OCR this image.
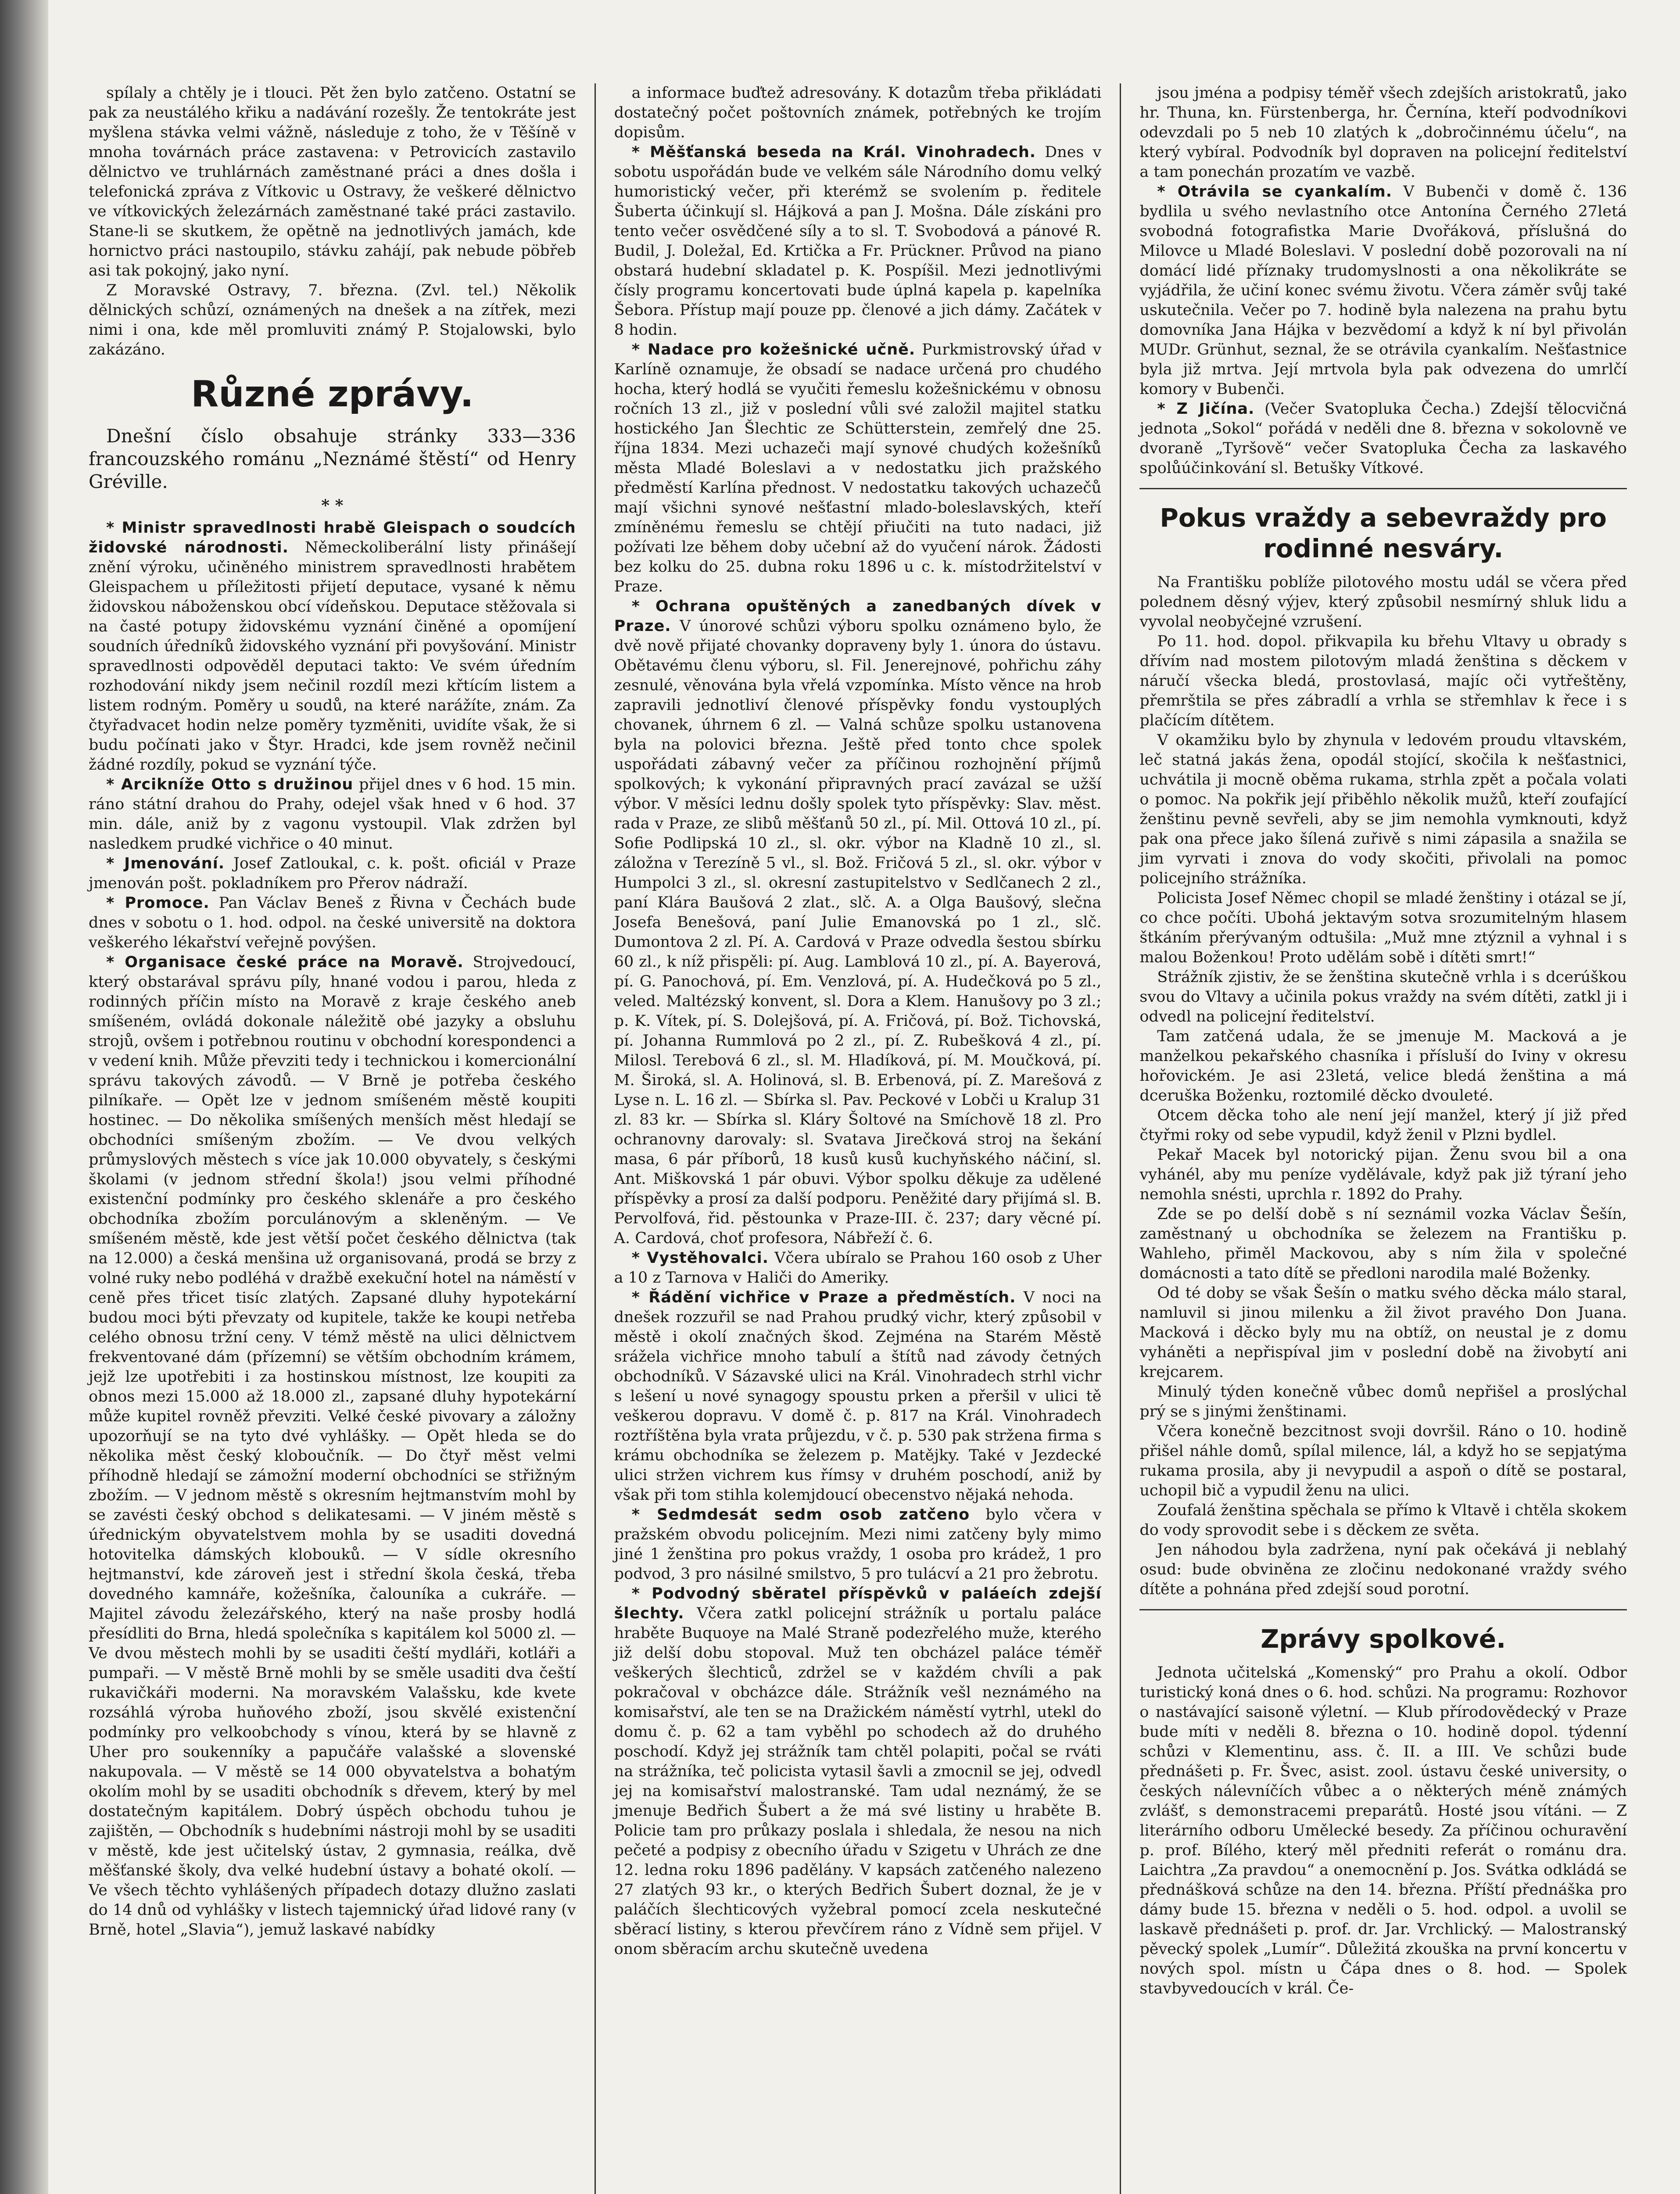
spílaly a chtěly je i tlouci. Pět žen bylo zatčeno. Ostatní se pak za neustálého křiku a nadávání rozešly. Že tentokráte jest myšlena stávka velmi vážně, následuje z toho, že v Těšíně v mnoha továrnách práce zastavena: v Petrovicích zastavilo dělnictvo ve truhlárnách zaměstnané práci a dnes došla i telefonická zpráva z Vítkovic u Ostravy, že veškeré dělnictvo ve vítkovických železárnách zaměstnané také práci zastavilo. Stane-li se skutkem, že opětně na jednotlivých jamách, kde hornictvo práci nastoupilo, stávku zahájí, pak nebude pöbřeb asi tak pokojný, jako nyní.

Z Moravské Ostravy, 7. března. (Zvl. tel.) Několik dělnických schůzí, oznámených na dnešek a na zítřek, mezi nimi i ona, kde měl promluviti známý P. Stojalowski, bylo zakázáno.

Různé zprávy.

Dnešní číslo obsahuje stránky 333—336 francouzského románu „Neznámé štěstí“ od Henry Gréville.

* *

* Ministr spravedlnosti hrabě Gleispach o soudcích židovské národnosti. Německoliberální listy přinášejí znění výroku, učiněného ministrem spravedlnosti hrabětem Gleispachem u příležitosti přijetí deputace, vysané k němu židovskou náboženskou obcí vídeňskou. Deputace stěžovala si na časté potupy židovskému vyznání činěné a opomíjení soudních úředníků židovského vyznání při povyšování. Ministr spravedlnosti odpověděl deputaci takto: Ve svém úředním rozhodování nikdy jsem nečinil rozdíl mezi křtícím listem a listem rodným. Poměry u soudů, na které narážíte, znám. Za čtyřadvacet hodin nelze poměry tyzměniti, uvidíte však, že si budu počínati jako v Štyr. Hradci, kde jsem rovněž nečinil žádné rozdíly, pokud se vyznání týče.

* Arcikníže Otto s družinou přijel dnes v 6 hod. 15 min. ráno státní drahou do Prahy, odejel však hned v 6 hod. 37 min. dále, aniž by z vagonu vystoupil. Vlak zdržen byl nasledkem prudké vichřice o 40 minut.

* Jmenování. Josef Zatloukal, c. k. pošt. oficiál v Praze jmenován pošt. pokladníkem pro Přerov nádraží.

* Promoce. Pan Václav Beneš z Řivna v Čechách bude dnes v sobotu o 1. hod. odpol. na české universitě na doktora veškerého lékařství veřejně povýšen.

* Organisace české práce na Moravě. Strojvedoucí, který obstarával správu píly, hnané vodou i parou, hleda z rodinných příčin místo na Moravě z kraje českého aneb smíšeném, ovládá dokonale náležitě obé jazyky a obsluhu strojů, ovšem i potřebnou routinu v obchodní korespondenci a v vedení knih. Může převziti tedy i technickou i komercionální správu takových závodů. — V Brně je potřeba českého pilníkaře. — Opět lze v jednom smíšeném městě koupiti hostinec. — Do několika smíšených menších měst hledají se obchodníci smíšeným zbožím. — Ve dvou velkých průmyslových městech s více jak 10.000 obyvately, s českými školami (v jednom střední škola!) jsou velmi příhodné existenční podmínky pro českého sklenáře a pro českého obchodníka zbožím porculánovým a skleněným. — Ve smíšeném městě, kde jest větší počet českého dělnictva (tak na 12.000) a česká menšina už organisovaná, prodá se brzy z volné ruky nebo podléhá v dražbě exekuční hotel na náměstí v ceně přes třicet tisíc zlatých. Zapsané dluhy hypotekární budou moci býti převzaty od kupitele, takže ke koupi netřeba celého obnosu tržní ceny. V témž městě na ulici dělnictvem frekventované dám (přízemní) se větším obchodním krámem, jejž lze upotřebiti i za hostinskou místnost, lze koupiti za obnos mezi 15.000 až 18.000 zl., zapsané dluhy hypotekární může kupitel rovněž převziti. Velké české pivovary a záložny upozorňují se na tyto dvé vyhlášky. — Opět hleda se do několika měst český kloboučník. — Do čtyř měst velmi příhodně hledají se zámožní moderní obchodníci se střižným zbožím. — V jednom městě s okresním hejtmanstvím mohl by se zavésti český obchod s delikatesami. — V jiném městě s úřednickým obyvatelstvem mohla by se usaditi dovedná hotovitelka dámských klobouků. — V sídle okresního hejtmanství, kde zároveň jest i střední škola česká, třeba dovedného kamnáře, kožešníka, čalouníka a cukráře. — Majitel závodu železářského, který na naše prosby hodlá přesídliti do Brna, hledá společníka s kapitálem kol 5000 zl. — Ve dvou městech mohli by se usaditi čeští mydláři, kotláři a pumpaři. — V městě Brně mohli by se směle usaditi dva čeští rukavičkáři moderni. Na moravském Valašsku, kde kvete rozsáhlá výroba huňového zboží, jsou skvělé existenční podmínky pro velkoobchody s vínou, která by se hlavně z Uher pro soukenníky a papučáře valašské a slovenské nakupovala. — V městě se 14 000 obyvatelstva a bohatým okolím mohl by se usaditi obchodník s dřevem, který by mel dostatečným kapitálem. Dobrý úspěch obchodu tuhou je zajištěn, — Obchodník s hudebními nástroji mohl by se usaditi v městě, kde jest učitelský ústav, 2 gymnasia, reálka, dvě měšťanské školy, dva velké hudební ústavy a bohaté okolí. — Ve všech těchto vyhlášených případech dotazy dlužno zaslati do 14 dnů od vyhlášky v listech tajemnický úřad lidové rany (v Brně, hotel „Slavia“), jemuž laskavé nabídky

a informace buďtež adresovány. K dotazům třeba přikládati dostatečný počet poštovních známek, potřebných ke trojím dopisům.

* Měšťanská beseda na Král. Vinohradech. Dnes v sobotu uspořádán bude ve velkém sále Národního domu velký humoristický večer, při kterémž se svolením p. ředitele Šuberta účinkují sl. Hájková a pan J. Mošna. Dále získáni pro tento večer osvědčené síly a to sl. T. Svobodová a pánové R. Budil, J. Doležal, Ed. Krtička a Fr. Prückner. Průvod na piano obstará hudební skladatel p. K. Pospíšil. Mezi jednotlivými čísly programu koncertovati bude úplná kapela p. kapelníka Šebora. Přístup mají pouze pp. členové a jich dámy. Začátek v 8 hodin.

* Nadace pro kožešnické učně. Purkmistrovský úřad v Karlíně oznamuje, že obsadí se nadace určená pro chudého hocha, který hodlá se vyučiti řemeslu kožešnickému v obnosu ročních 13 zl., již v poslední vůli své založil majitel statku hostického Jan Šlechtic ze Schütterstein, zemřelý dne 25. října 1834. Mezi uchazeči mají synové chudých kožešníků města Mladé Boleslavi a v nedostatku jich pražského předměstí Karlína přednost. V nedostatku takových uchazečů mají všichni synové nešťastní mlado-boleslavských, kteří zmíněnému řemeslu se chtějí přiučiti na tuto nadaci, již požívati lze během doby učební až do vyučení nárok. Žádosti bez kolku do 25. dubna roku 1896 u c. k. místodržitelství v Praze.

* Ochrana opuštěných a zanedbaných dívek v Praze. V únorové schůzi výboru spolku oznámeno bylo, že dvě nově přijaté chovanky dopraveny byly 1. února do ústavu. Obětavému členu výboru, sl. Fil. Jenerejnové, pohřichu záhy zesnulé, věnována byla vřelá vzpomínka. Místo věnce na hrob zapravili jednotliví členové příspěvky fondu vystouplých chovanek, úhrnem 6 zl. — Valná schůze spolku ustanovena byla na polovici března. Ještě před tonto chce spolek uspořádati zábavný večer za příčinou rozhojnění příjmů spolkových; k vykonání připravných prací zavázal se užší výbor. V měsíci lednu došly spolek tyto příspěvky: Slav. měst. rada v Praze, ze slibů měšťanů 50 zl., pí. Mil. Ottová 10 zl., pí. Sofie Podlipská 10 zl., sl. okr. výbor na Kladně 10 zl., sl. záložna v Terezíně 5 vl., sl. Bož. Fričová 5 zl., sl. okr. výbor v Humpolci 3 zl., sl. okresní zastupitelstvo v Sedlčanech 2 zl., paní Klára Baušová 2 zlat., slč. A. a Olga Baušový, slečna Josefa Benešová, paní Julie Emanovská po 1 zl., slč. Dumontova 2 zl. Pí. A. Cardová v Praze odvedla šestou sbírku 60 zl., k níž přispěli: pí. Aug. Lamblová 10 zl., pí. A. Bayerová, pí. G. Panochová, pí. Em. Venzlová, pí. A. Hudečková po 5 zl., veled. Maltézský konvent, sl. Dora a Klem. Hanušovy po 3 zl.; p. K. Vítek, pí. S. Dolejšová, pí. A. Fričová, pí. Bož. Tichovská, pí. Johanna Rummlová po 2 zl., pí. Z. Rubešková 4 zl., pí. Milosl. Terebová 6 zl., sl. M. Hladíková, pí. M. Moučková, pí. M. Široká, sl. A. Holinová, sl. B. Erbenová, pí. Z. Marešová z Lyse n. L. 16 zl. — Sbírka sl. Pav. Peckové v Lobči u Kralup 31 zl. 83 kr. — Sbírka sl. Kláry Šoltové na Smíchově 18 zl. Pro ochranovny darovaly: sl. Svatava Jirečková stroj na šekání masa, 6 pár příborů, 18 kusů kusů kuchyňského náčiní, sl. Ant. Miškovská 1 pár obuvi. Výbor spolku děkuje za udělené příspěvky a prosí za další podporu. Peněžité dary přijímá sl. B. Pervolfová, řid. pěstounka v Praze-III. č. 237; dary věcné pí. A. Cardová, choť profesora, Nábřeží č. 6.

* Vystěhovalci. Včera ubíralo se Prahou 160 osob z Uher a 10 z Tarnova v Haliči do Ameriky.

* Řádění vichřice v Praze a předměstích. V noci na dnešek rozzuřil se nad Prahou prudký vichr, který způsobil v městě i okolí značných škod. Zejména na Starém Městě srážela vichřice mnoho tabulí a štítů nad závody četných obchodníků. V Sázavské ulici na Král. Vinohradech strhl vichr s lešení u nové synagogy spoustu prken a přeršil v ulici tě veškerou dopravu. V domě č. p. 817 na Král. Vinohradech roztříštěna byla vrata průjezdu, v č. p. 530 pak stržena firma s krámu obchodníka se železem p. Matějky. Také v Jezdecké ulici stržen vichrem kus římsy v druhém poschodí, aniž by však při tom stihla kolemjdoucí obecenstvo nějaká nehoda.

* Sedmdesát sedm osob zatčeno bylo včera v pražském obvodu policejním. Mezi nimi zatčeny byly mimo jiné 1 ženština pro pokus vraždy, 1 osoba pro krádež, 1 pro podvod, 3 pro násilné smilstvo, 5 pro tulácví a 21 pro žebrotu.

* Podvodný sběratel příspěvků v paláeích zdejší šlechty. Včera zatkl policejní strážník u portalu paláce hraběte Buquoye na Malé Straně podezřelého muže, kterého již delší dobu stopoval. Muž ten obcházel paláce téměř veškerých šlechticů, zdržel se v každém chvíli a pak pokračoval v obcházce dále. Strážník vešl neznámého na komisařství, ale ten se na Dražickém náměstí vytrhl, utekl do domu č. p. 62 a tam vyběhl po schodech až do druhého poschodí. Když jej strážník tam chtěl polapiti, počal se rváti na strážníka, teč policista vytasil šavli a zmocnil se jej, odvedl jej na komisařství malostranské. Tam udal neznámý, že se jmenuje Bedřich Šubert a že má své listiny u hraběte B. Policie tam pro průkazy poslala i shledala, že nesou na nich pečeté a podpisy z obecního úřadu v Szigetu v Uhrách ze dne 12. ledna roku 1896 padělány. V kapsách zatčeného nalezeno 27 zlatých 93 kr., o kterých Bedřich Šubert doznal, že je v paláčích šlechticových vyžebral pomocí zcela neskutečné sběrací listiny, s kterou převčírem ráno z Vídně sem přijel. V onom sběracím archu skutečně uvedena

jsou jména a podpisy téměř všech zdejších aristokratů, jako hr. Thuna, kn. Fürstenberga, hr. Černína, kteří podvodníkovi odevzdali po 5 neb 10 zlatých k „dobročinnému účelu“, na který vybíral. Podvodník byl dopraven na policejní ředitelství a tam ponechán prozatím ve vazbě.

* Otrávila se cyankalím. V Bubenči v domě č. 136 bydlila u svého nevlastního otce Antonína Černého 27letá svobodná fotografistka Marie Dvořáková, příslušná do Milovce u Mladé Boleslavi. V poslední době pozorovali na ní domácí lidé příznaky trudomyslnosti a ona několikráte se vyjádřila, že učiní konec svému životu. Včera záměr svůj také uskutečnila. Večer po 7. hodině byla nalezena na prahu bytu domovníka Jana Hájka v bezvědomí a když k ní byl přivolán MUDr. Grünhut, seznal, že se otrávila cyankalím. Nešťastnice byla již mrtva. Její mrtvola byla pak odvezena do umrlčí komory v Bubenči.

* Z Jičína. (Večer Svatopluka Čecha.) Zdejší tělocvičná jednota „Sokol“ pořádá v neděli dne 8. března v sokolovně ve dvoraně „Tyršově“ večer Svatopluka Čecha za laskavého spolůúčinkování sl. Betušky Vítkové.

Pokus vraždy a sebevraždy pro rodinné nesváry.

Na Františku poblíže pilotového mostu udál se včera před polednem děsný výjev, který způsobil nesmírný shluk lidu a vyvolal neobyčejné vzrušení.

Po 11. hod. dopol. přikvapila ku břehu Vltavy u obrady s dřívím nad mostem pilotovým mladá ženština s děckem v náručí všecka bledá, prostovlasá, majíc oči vytřeštěny, přemrštila se přes zábradlí a vrhla se střemhlav k řece i s plačícím dítětem.

V okamžiku bylo by zhynula v ledovém proudu vltavském, leč statná jakás žena, opodál stojící, skočila k nešťastnici, uchvátila ji mocně oběma rukama, strhla zpět a počala volati o pomoc. Na pokřik její přiběhlo několik mužů, kteří zoufající ženštinu pevně sevřeli, aby se jim nemohla vymknouti, když pak ona přece jako šílená zuřivě s nimi zápasila a snažila se jim vyrvati i znova do vody skočiti, přivolali na pomoc policejního strážníka.

Policista Josef Němec chopil se mladé ženštiny i otázal se jí, co chce počíti. Ubohá jektavým sotva srozumitelným hlasem štkáním přerývaným odtušila: „Muž mne ztýznil a vyhnal i s malou Boženkou! Proto udělám sobě i dítěti smrt!“

Strážník zjistiv, že se ženština skutečně vrhla i s dcerúškou svou do Vltavy a učinila pokus vraždy na svém dítěti, zatkl ji i odvedl na policejní ředitelství.

Tam zatčená udala, že se jmenuje M. Macková a je manželkou pekařského chasníka i přísluší do Iviny v okresu hořovickém. Je asi 23letá, velice bledá ženština a má dceruška Boženku, roztomilé děcko dvouleté.

Otcem děcka toho ale není její manžel, který jí již před čtyřmi roky od sebe vypudil, když ženil v Plzni bydlel.

Pekař Macek byl notorický pijan. Ženu svou bil a ona vyhánél, aby mu peníze vydělávale, když pak již týraní jeho nemohla snésti, uprchla r. 1892 do Prahy.

Zde se po delší době s ní seznámil vozka Václav Šešín, zaměstnaný u obchodníka se železem na Františku p. Wahleho, přiměl Mackovou, aby s ním žila v společné domácnosti a tato dítě se předloni narodila malé Boženky.

Od té doby se však Šešín o matku svého děcka málo staral, namluvil si jinou milenku a žil život pravého Don Juana. Macková i děcko byly mu na obtíž, on neustal je z domu vyháněti a nepřispíval jim v poslední době na živobytí ani krejcarem.

Minulý týden konečně vůbec domů nepřišel a proslýchal prý se s jinými ženštinami.

Včera konečně bezcitnost svoji dovršil. Ráno o 10. hodině přišel náhle domů, spílal milence, lál, a když ho se sepjatýma rukama prosila, aby ji nevypudil a aspoň o dítě se postaral, uchopil bič a vypudil ženu na ulici.

Zoufalá ženština spěchala se přímo k Vltavě i chtěla skokem do vody sprovodit sebe i s děckem ze světa.

Jen náhodou byla zadržena, nyní pak očekává ji neblahý osud: bude obviněna ze zločinu nedokonané vraždy svého dítěte a pohnána před zdejší soud porotní.

Zprávy spolkové.

Jednota učitelská „Komenský“ pro Prahu a okolí. Odbor turistický koná dnes o 6. hod. schůzi. Na programu: Rozhovor o nastávající saisoně výletní. — Klub přírodovědecký v Praze bude míti v neděli 8. března o 10. hodině dopol. týdenní schůzi v Klementinu, ass. č. II. a III. Ve schůzi bude přednášeti p. Fr. Švec, asist. zool. ústavu české university, o českých nálevníčích vůbec a o některých méně známých zvlášť, s demonstracemi preparátů. Hosté jsou vítáni. — Z literárního odboru Umělecké besedy. Za příčinou ochuravění p. prof. Bílého, který měl předniti referát o románu dra. Laichtra „Za pravdou“ a onemocnění p. Jos. Svátka odkládá se přednášková schůze na den 14. března. Příští přednáška pro dámy bude 15. března v neděli o 5. hod. odpol. a uvolil se laskavě přednášeti p. prof. dr. Jar. Vrchlický. — Malostranský pěvecký spolek „Lumír“. Důležitá zkouška na první koncertu v nových spol. místn u Čápa dnes o 8. hod. — Spolek stavbyvedoucích v král. Če-
